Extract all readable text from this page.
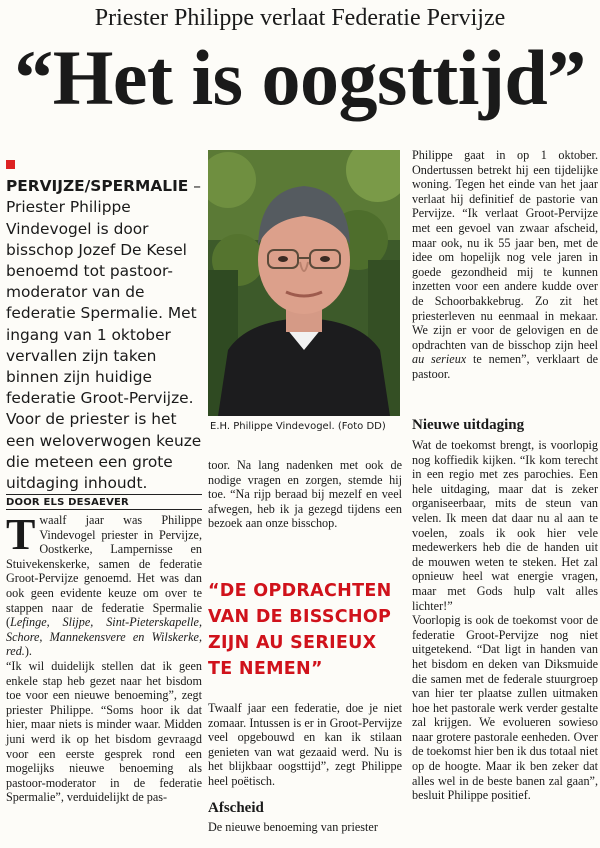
Priester Philippe verlaat Federatie Pervijze
“Het is oogsttijd”

PERVIJZE/SPERMALIE – Priester Philippe Vindevogel is door bisschop Jozef De Kesel benoemd tot pastoor-moderator van de federatie Spermalie. Met ingang van 1 oktober vervallen zijn taken binnen zijn huidige federatie Groot-Pervijze. Voor de priester is het een weloverwogen keuze die meteen een grote uitdaging inhoudt.

DOOR ELS DESAEVER

Twaalf jaar was Philippe Vindevogel priester in Pervijze, Oostkerke, Lampernisse en Stuivekenskerke, samen de federatie Groot-Pervijze genoemd. Het was dan ook geen evidente keuze om over te stappen naar de federatie Spermalie (Lefinge, Slijpe, Sint-Pieterskapelle, Schore, Mannekensvere en Wilskerke, red.).

“Ik wil duidelijk stellen dat ik geen enkele stap heb gezet naar het bisdom toe voor een nieuwe benoeming”, zegt priester Philippe. “Soms hoor ik dat hier, maar niets is minder waar. Midden juni werd ik op het bisdom gevraagd voor een eerste gesprek rond een mogelijks nieuwe benoeming als pastoor-moderator in de federatie Spermalie”, verduidelijkt de pas-

E.H. Philippe Vindevogel. (Foto DD)

toor. Na lang nadenken met ook de nodige vragen en zorgen, stemde hij toe. “Na rijp beraad bij mezelf en veel afwegen, heb ik ja gezegd tijdens een bezoek aan onze bisschop.

“DE OPDRACHTEN VAN DE BISSCHOP ZIJN AU SERIEUX TE NEMEN”

Twaalf jaar een federatie, doe je niet zomaar. Intussen is er in Groot-Pervijze veel opgebouwd en kan ik stilaan genieten van wat gezaaid werd. Nu is het blijkbaar oogsttijd”, zegt Philippe heel poëtisch.

Afscheid

De nieuwe benoeming van priester

Philippe gaat in op 1 oktober. Ondertussen betrekt hij een tijdelijke woning. Tegen het einde van het jaar verlaat hij definitief de pastorie van Pervijze. “Ik verlaat Groot-Pervijze met een gevoel van zwaar afscheid, maar ook, nu ik 55 jaar ben, met de idee om hopelijk nog vele jaren in goede gezondheid mij te kunnen inzetten voor een andere kudde over de Schoorbakkebrug. Zo zit het priesterleven nu eenmaal in mekaar. We zijn er voor de gelovigen en de opdrachten van de bisschop zijn heel au serieux te nemen”, verklaart de pastoor.

Nieuwe uitdaging

Wat de toekomst brengt, is voorlopig nog koffiedik kijken. “Ik kom terecht in een regio met zes parochies. Een hele uitdaging, maar dat is zeker organiseerbaar, mits de steun van velen. Ik meen dat daar nu al aan te voelen, zoals ik ook hier vele medewerkers heb die de handen uit de mouwen weten te steken. Het zal opnieuw heel wat energie vragen, maar met Gods hulp valt alles lichter!”

Voorlopig is ook de toekomst voor de federatie Groot-Pervijze nog niet uitgetekend. “Dat ligt in handen van het bisdom en deken van Diksmuide die samen met de federale stuurgroep van hier ter plaatse zullen uitmaken hoe het pastorale werk verder gestalte zal krijgen. We evolueren sowieso naar grotere pastorale eenheden. Over de toekomst hier ben ik dus totaal niet op de hoogte. Maar ik ben zeker dat alles wel in de beste banen zal gaan”, besluit Philippe positief.
